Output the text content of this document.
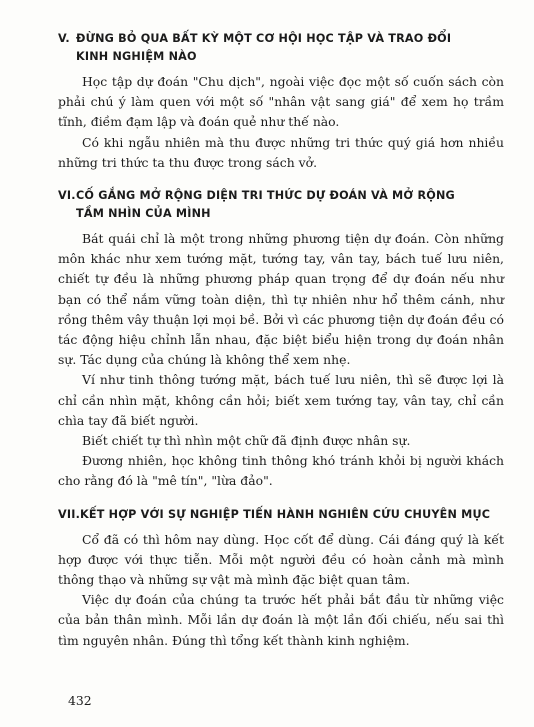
V. ĐỪNG BỎ QUA BẤT KỲ MỘT CƠ HỘI HỌC TẬP VÀ TRAO ĐỔI
KINH NGHIỆM NÀO

Học tập dự đoán "Chu dịch", ngoài việc đọc một số cuốn sách còn phải chú ý làm quen với một số "nhân vật sang giá" để xem họ trầm tĩnh, điềm đạm lập và đoán quẻ như thế nào.

Có khi ngẫu nhiên mà thu được những tri thức quý giá hơn nhiều những tri thức ta thu được trong sách vở.

VI.CỐ GẮNG MỞ RỘNG DIỆN TRI THỨC DỰ ĐOÁN VÀ MỞ RỘNG
TẦM NHÌN CỦA MÌNH

Bát quái chỉ là một trong những phương tiện dự đoán. Còn những môn khác như xem tướng mặt, tướng tay, vân tay, bách tuế lưu niên, chiết tự đều là những phương pháp quan trọng để dự đoán nếu như bạn có thể nắm vững toàn diện, thì tự nhiên như hổ thêm cánh, như rồng thêm vây thuận lợi mọi bề. Bởi vì các phương tiện dự đoán đều có tác động hiệu chỉnh lẫn nhau, đặc biệt biểu hiện trong dự đoán nhân sự. Tác dụng của chúng là không thể xem nhẹ.

Ví như tinh thông tướng mặt, bách tuế lưu niên, thì sẽ được lợi là chỉ cần nhìn mặt, không cần hỏi; biết xem tướng tay, vân tay, chỉ cần chìa tay đã biết người.

Biết chiết tự thì nhìn một chữ đã định được nhân sự.

Đương nhiên, học không tinh thông khó tránh khỏi bị người khách cho rằng đó là "mê tín", "lừa đảo".

VII.KẾT HỢP VỚI SỰ NGHIỆP TIẾN HÀNH NGHIÊN CỨU CHUYÊN MỤC

Cổ đã có thì hôm nay dùng. Học cốt để dùng. Cái đáng quý là kết hợp được với thực tiễn. Mỗi một người đều có hoàn cảnh mà mình thông thạo và những sự vật mà mình đặc biệt quan tâm.

Việc dự đoán của chúng ta trước hết phải bắt đầu từ những việc của bản thân mình. Mỗi lần dự đoán là một lần đối chiếu, nếu sai thì tìm nguyên nhân. Đúng thì tổng kết thành kinh nghiệm.

432
